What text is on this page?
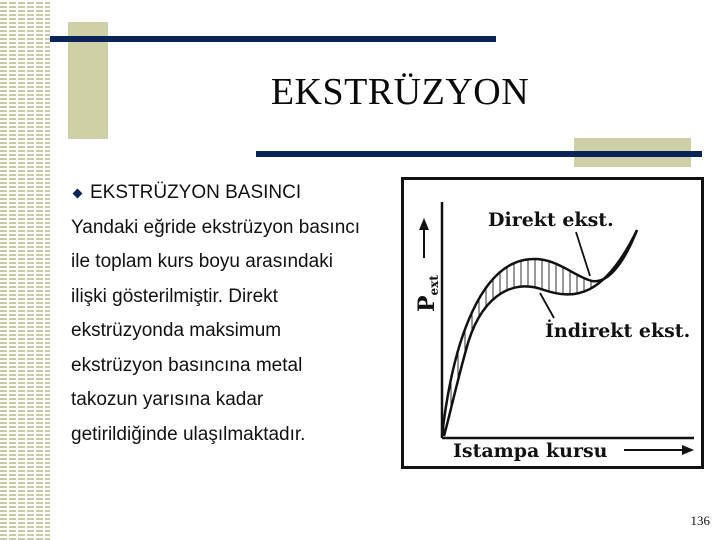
EKSTRÜZYON
EKSTRÜZYON BASINCI
Yandaki eğride ekstrüzyon basıncı
ile toplam kurs boyu arasındaki
ilişki gösterilmiştir. Direkt
ekstrüzyonda maksimum
ekstrüzyon basıncına metal
takozun yarısına kadar
getirildiğinde ulaşılmaktadır.
Pext
Direkt ekst.
İndirekt ekst.
Istampa kursu
136
